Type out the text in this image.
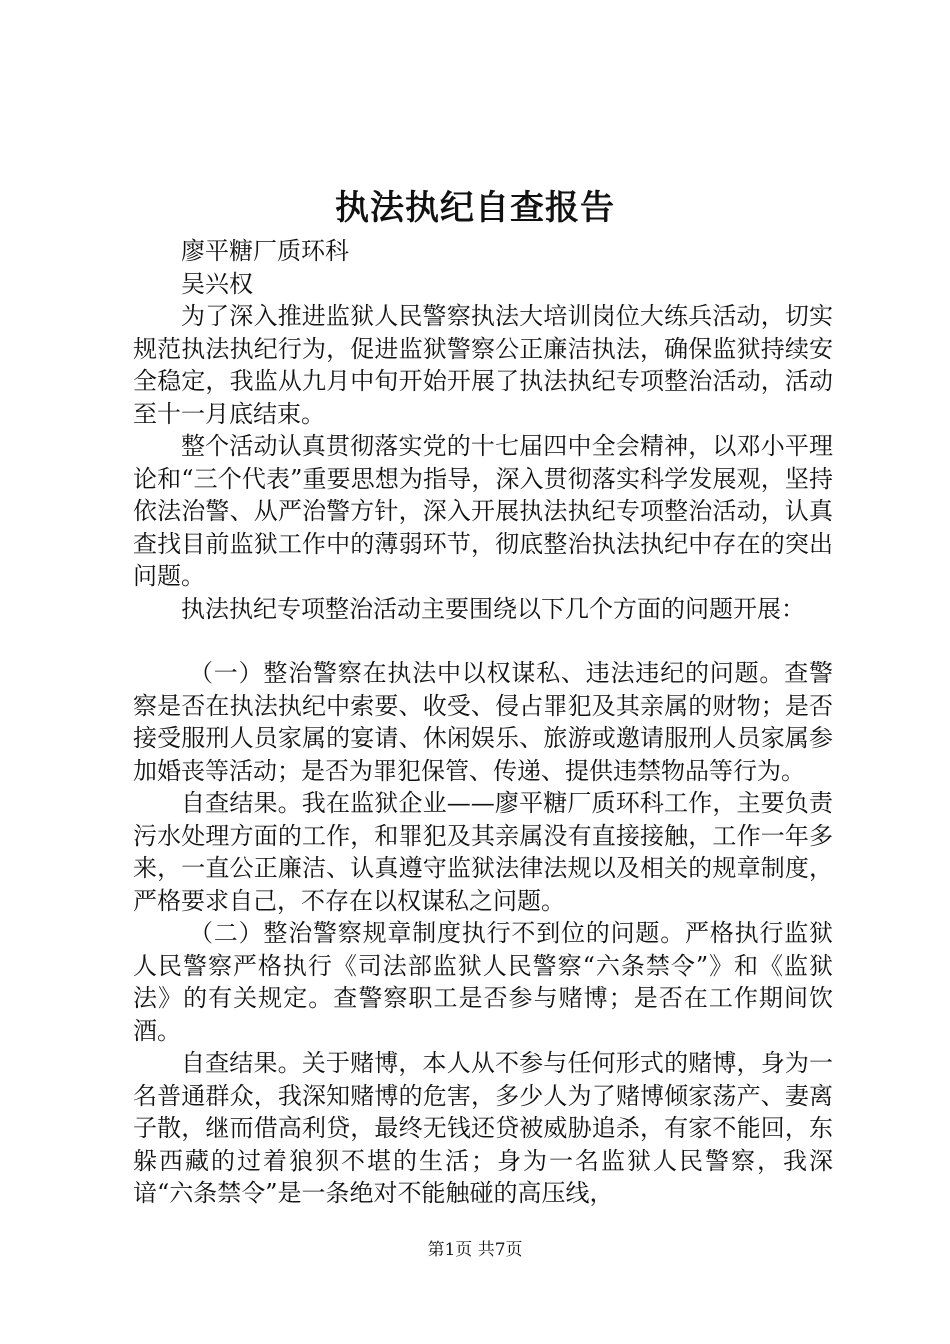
执法执纪自查报告

廖平糖厂质环科

吴兴权

为了深入推进监狱人民警察执法大培训岗位大练兵活动，切实规范执法执纪行为，促进监狱警察公正廉洁执法，确保监狱持续安全稳定，我监从九月中旬开始开展了执法执纪专项整治活动，活动至十一月底结束。

整个活动认真贯彻落实党的十七届四中全会精神，以邓小平理论和“三个代表”重要思想为指导，深入贯彻落实科学发展观，坚持依法治警、从严治警方针，深入开展执法执纪专项整治活动，认真查找目前监狱工作中的薄弱环节，彻底整治执法执纪中存在的突出问题。

执法执纪专项整治活动主要围绕以下几个方面的问题开展：

（一）整治警察在执法中以权谋私、违法违纪的问题。查警察是否在执法执纪中索要、收受、侵占罪犯及其亲属的财物；是否接受服刑人员家属的宴请、休闲娱乐、旅游或邀请服刑人员家属参加婚丧等活动；是否为罪犯保管、传递、提供违禁物品等行为。

自查结果。我在监狱企业——廖平糖厂质环科工作，主要负责污水处理方面的工作，和罪犯及其亲属没有直接接触，工作一年多来，一直公正廉洁、认真遵守监狱法律法规以及相关的规章制度，严格要求自己，不存在以权谋私之问题。

（二）整治警察规章制度执行不到位的问题。严格执行监狱人民警察严格执行《司法部监狱人民警察“六条禁令”》和《监狱法》的有关规定。查警察职工是否参与赌博；是否在工作期间饮酒。

自查结果。关于赌博，本人从不参与任何形式的赌博，身为一名普通群众，我深知赌博的危害，多少人为了赌博倾家荡产、妻离子散，继而借高利贷，最终无钱还贷被威胁追杀，有家不能回，东躲西藏的过着狼狈不堪的生活；身为一名监狱人民警察，我深谙“六条禁令”是一条绝对不能触碰的高压线，

第1页 共7页
